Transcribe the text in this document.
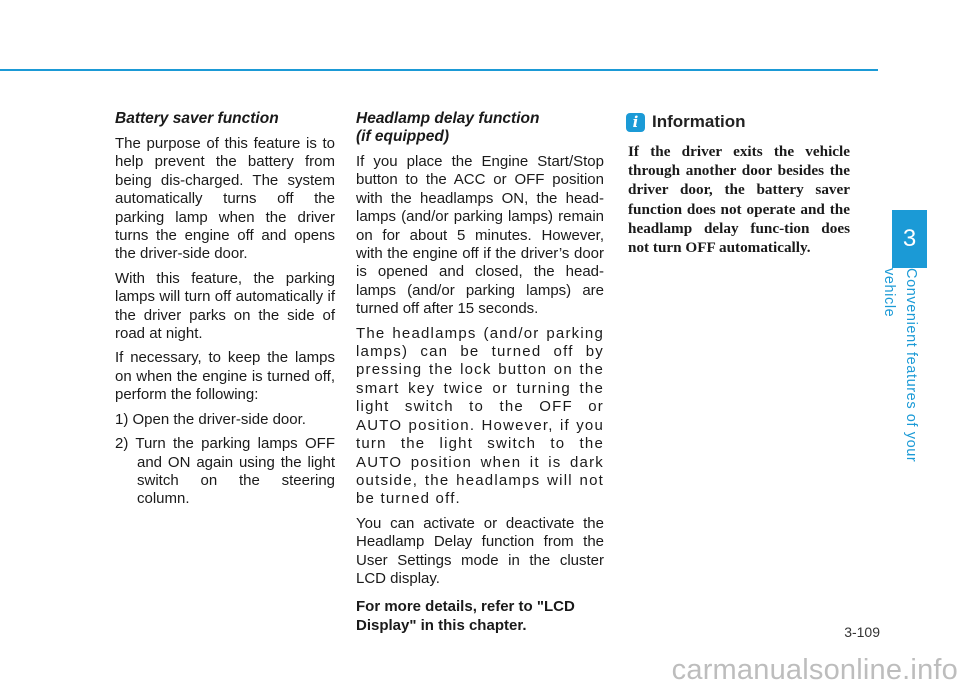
Battery saver function

The purpose of this feature is to help prevent the battery from being dis-charged. The system automatically turns off the parking lamp when the driver turns the engine off and opens the driver-side door.

With this feature, the parking lamps will turn off automatically if the driver parks on the side of road at night.

If necessary, to keep the lamps on when the engine is turned off, perform the following:

1) Open the driver-side door.
2) Turn the parking lamps OFF and ON again using the light switch on the steering column.
Headlamp delay function
(if equipped)

If you place the Engine Start/Stop button to the ACC or OFF position with the headlamps ON, the head-lamps (and/or parking lamps) remain on for about 5 minutes. However, with the engine off if the driver’s door is opened and closed, the head-lamps (and/or parking lamps) are turned off after 15 seconds.

The headlamps (and/or parking lamps) can be turned off by pressing the lock button on the smart key twice or turning the light switch to the OFF or AUTO position. However, if you turn the light switch to the AUTO position when it is dark outside, the headlamps will not be turned off.

You can activate or deactivate the Headlamp Delay function from the User Settings mode in the cluster LCD display.

For more details, refer to "LCD Display" in this chapter.

i Information

If the driver exits the vehicle through another door besides the driver door, the battery saver function does not operate and the headlamp delay func-tion does not turn OFF automatically.	3
Convenient features of your vehicle
3-109
carmanualsonline.info
